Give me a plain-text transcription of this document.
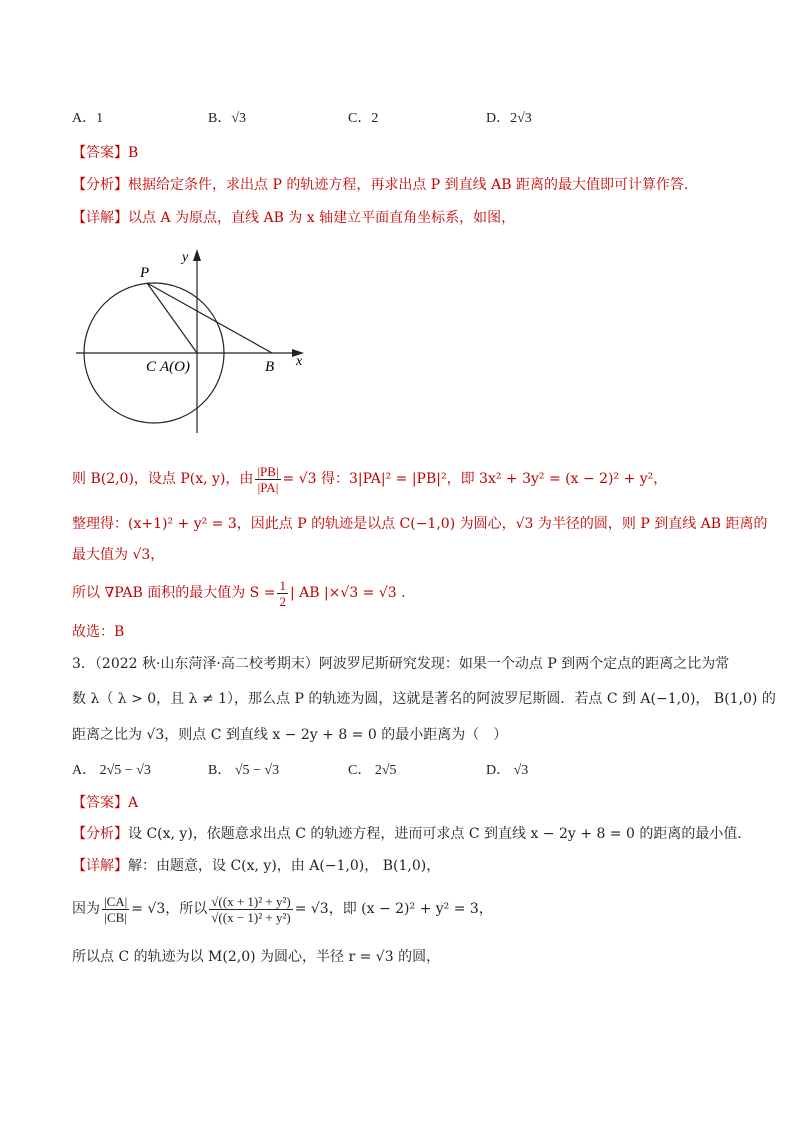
A．1	B．√3	C．2	D．2√3
【答案】B
【分析】根据给定条件，求出点 P 的轨迹方程，再求出点 P 到直线 AB 距离的最大值即可计算作答.
【详解】以点 A 为原点，直线 AB 为 x 轴建立平面直角坐标系，如图，
y
x
P
C A(O)	B
则 B(2,0)，设点 P(x, y)，由 $\frac{|PB|}{|PA|} = √3$ 得：3|PA|² = |PB|²，即 3x² + 3y² = (x − 2)² + y²，
整理得：(x+1)² + y² = 3，因此点 P 的轨迹是以点 C(−1,0) 为圆心，√3 为半径的圆，则 P 到直线 AB 距离的
最大值为 √3，
所以 ∇PAB 面积的最大值为 $S = \frac{1}{2}$ | AB |×√3 = √3 .
故选：B
3．（2022 秋·山东菏泽·高二校考期末）阿波罗尼斯研究发现：如果一个动点 P 到两个定点的距离之比为常
数 λ（ λ > 0，且 λ ≠ 1），那么点 P 的轨迹为圆，这就是著名的阿波罗尼斯圆．若点 C 到 A(−1,0)， B(1,0) 的
距离之比为 √3，则点 C 到直线 x − 2y + 8 = 0 的最小距离为（　）
A． 2√5 − √3	B． √5 − √3	C． 2√5	D． √3
【答案】A
【分析】设 C(x, y)，依题意求出点 C 的轨迹方程，进而可求点 C 到直线 x − 2y + 8 = 0 的距离的最小值．
【详解】解：由题意，设 C(x, y)，由 A(−1,0)， B(1,0)，
因为 $\frac{|CA|}{|CB|} = √3$，所以 $\frac{\text{√((x + 1)² + y²)}}{\text{√((x − 1)² + y²)}} = √3$，即 (x − 2)² + y² = 3，
所以点 C 的轨迹为以 M(2,0) 为圆心，半径 r = √3 的圆，
